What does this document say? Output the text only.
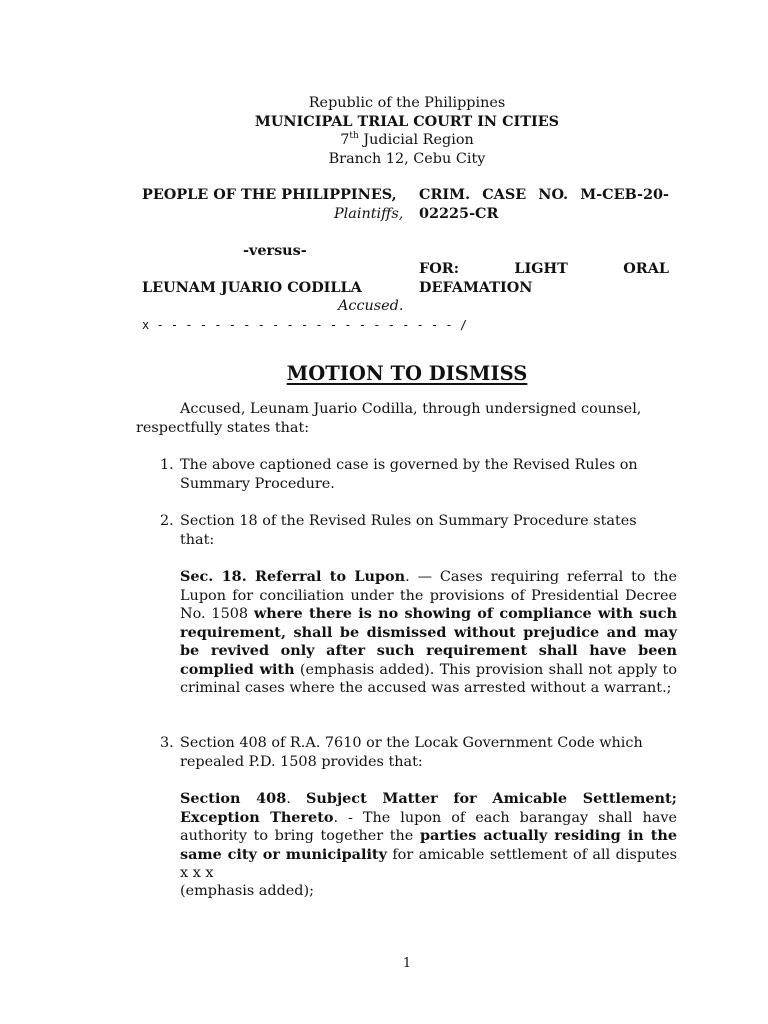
Republic of the Philippines
MUNICIPAL TRIAL COURT IN CITIES
7th Judicial Region
Branch 12, Cebu City
PEOPLE OF THE PHILIPPINES,
Plaintiffs,
-versus-
LEUNAM JUARIO CODILLA
Accused.
x - - - - - - - - - - - - - - - - - - - - - /
CRIM. CASE NO. M-CEB-20-
02225-CR
FOR:	LIGHT	ORAL
DEFAMATION
MOTION TO DISMISS
Accused, Leunam Juario Codilla, through undersigned counsel,
respectfully states that:
1. The above captioned case is governed by the Revised Rules on
Summary Procedure.
2. Section 18 of the Revised Rules on Summary Procedure states
that:
Sec. 18. Referral to Lupon. — Cases requiring referral to the Lupon for conciliation under the provisions of Presidential Decree No. 1508 where there is no showing of compliance with such requirement, shall be dismissed without prejudice and may be revived only after such requirement shall have been complied with (emphasis added). This provision shall not apply to criminal cases where the accused was arrested without a warrant.;
3. Section 408 of R.A. 7610 or the Locak Government Code which
repealed P.D. 1508 provides that:
Section 408. Subject Matter for Amicable Settlement; Exception Thereto. - The lupon of each barangay shall have authority to bring together the parties actually residing in the same city or municipality for amicable settlement of all disputes x x x
(emphasis added);
1
